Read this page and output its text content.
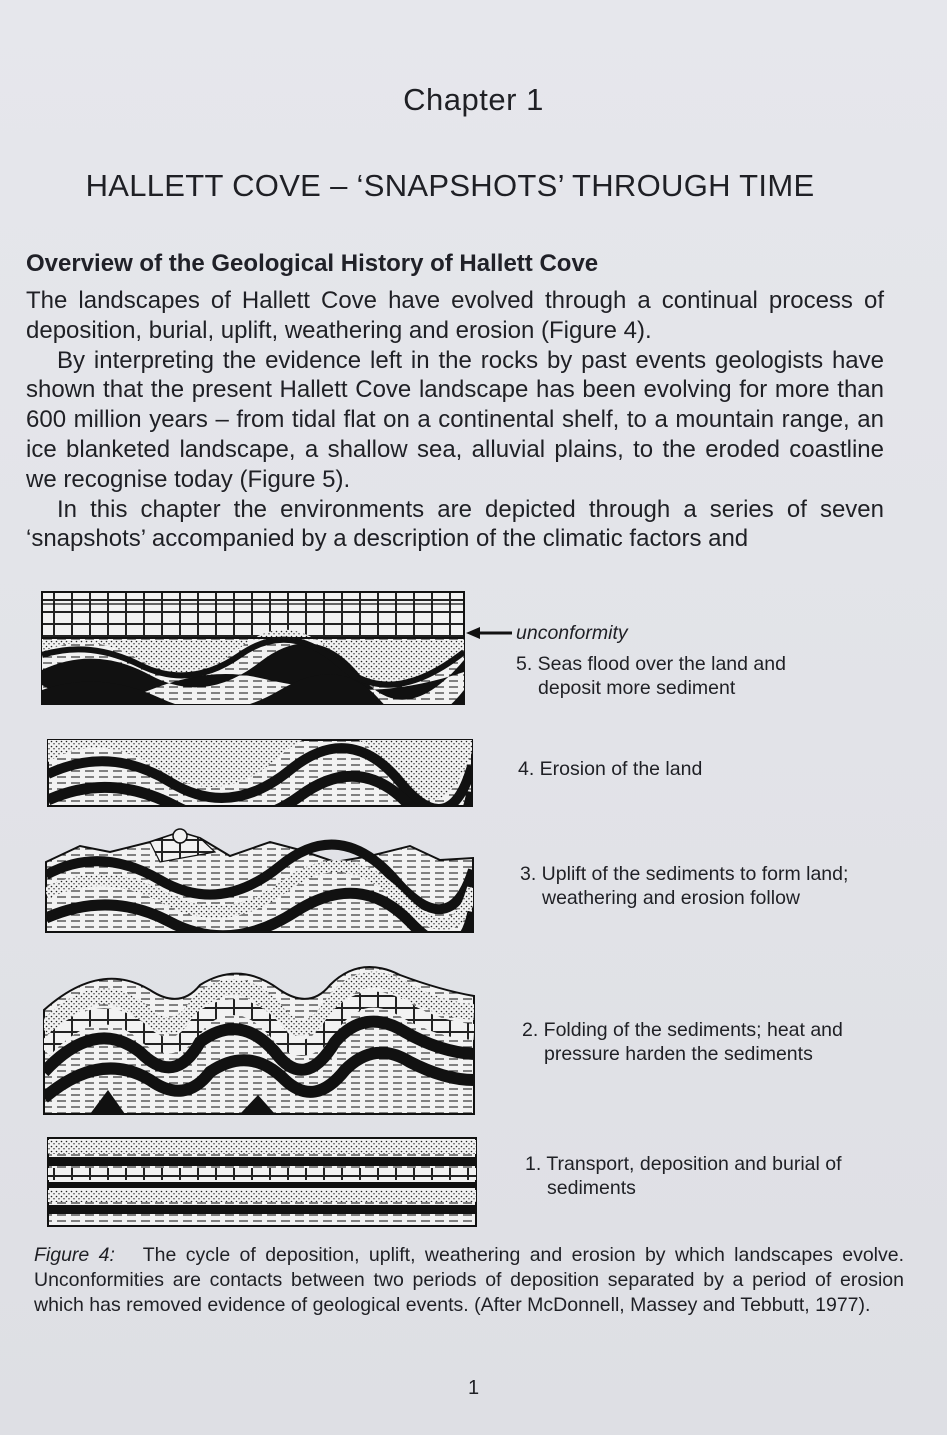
Chapter 1
HALLETT COVE – ‘SNAPSHOTS’ THROUGH TIME
Overview of the Geological History of Hallett Cove

The landscapes of Hallett Cove have evolved through a continual process of deposition, burial, uplift, weathering and erosion (Figure 4).

By interpreting the evidence left in the rocks by past events geologists have shown that the present Hallett Cove landscape has been evolving for more than 600 million years – from tidal flat on a continental shelf, to a mountain range, an ice blanketed landscape, a shallow sea, alluvial plains, to the eroded coastline we recognise today (Figure 5).

In this chapter the environments are depicted through a series of seven ‘snapshots’ accompanied by a description of the climatic factors and

unconformity
5. Seas flood over the land and
deposit more sediment
4. Erosion of the land
3. Uplift of the sediments to form land;
weathering and erosion follow
2. Folding of the sediments; heat and
pressure harden the sediments
1. Transport, deposition and burial of
sediments
Figure 4: The cycle of deposition, uplift, weathering and erosion by which landscapes evolve. Unconformities are contacts between two periods of deposition separated by a period of erosion which has removed evidence of geological events. (After McDonnell, Massey and Tebbutt, 1977).
1
